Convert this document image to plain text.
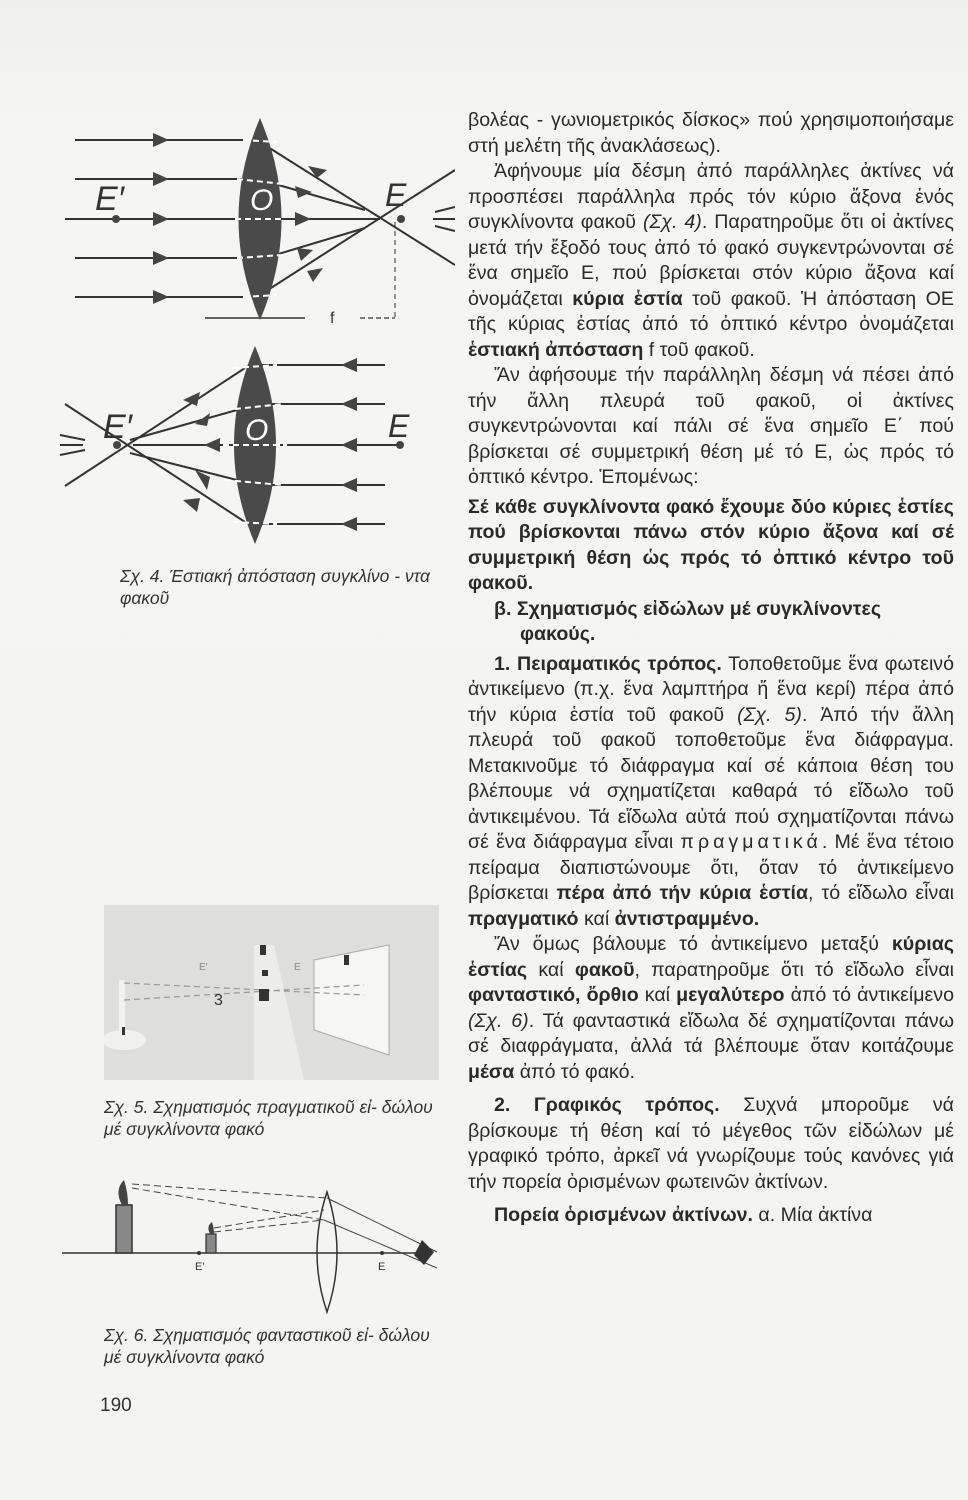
E′	O	E
f
E′	O	E
Σχ. 4. Έστιακή ἀπόσταση συγκλίνο - ντα φακοῦ
3
E′	E
Σχ. 5. Σχηματισμός πραγματικοῦ εἰ- δώλου μέ συγκλίνοντα φακό
E'	E
Σχ. 6. Σχηματισμός φανταστικοῦ εἰ- δώλου μέ συγκλίνοντα φακό
190

βολέας - γωνιομετρικός δίσκος» πού χρησιμοποιήσαμε στή μελέτη τῆς ἀνακλάσεως).

Ἀφήνουμε μία δέσμη ἀπό παράλληλες ἀκτίνες νά προσπέσει παράλληλα πρός τόν κύριο ἄξονα ἑνός συγκλίνοντα φακοῦ (Σχ. 4). Παρατηροῦμε ὅτι οἱ ἀκτίνες μετά τήν ἔξοδό τους ἀπό τό φακό συγκεντρώνονται σέ ἕνα σημεῖο Ε, πού βρίσκεται στόν κύριο ἄξονα καί ὀνομάζεται κύρια ἑστία τοῦ φακοῦ. Ἡ ἀπόσταση ΟΕ τῆς κύριας ἑστίας ἀπό τό ὀπτικό κέντρο ὀνομάζεται ἑστιακή ἀπόσταση f τοῦ φακοῦ.

Ἄν ἀφήσουμε τήν παράλληλη δέσμη νά πέσει ἀπό τήν ἄλλη πλευρά τοῦ φακοῦ, οἱ ἀκτίνες συγκεντρώνονται καί πάλι σέ ἕνα σημεῖο Ε΄ πού βρίσκεται σέ συμμετρική θέση μέ τό Ε, ὡς πρός τό ὀπτικό κέντρο. Ἑπομένως:

Σέ κάθε συγκλίνοντα φακό ἔχουμε δύο κύριες ἑστίες πού βρίσκονται πάνω στόν κύριο ἄξονα καί σέ συμμετρική θέση ὡς πρός τό ὀπτικό κέντρο τοῦ φακοῦ.

β. Σχηματισμός εἰδώλων μέ συγκλίνοντες
φακούς.

1. Πειραματικός τρόπος. Τοποθετοῦμε ἕνα φωτεινό ἀντικείμενο (π.χ. ἕνα λαμπτήρα ἤ ἕνα κερί) πέρα ἀπό τήν κύρια ἑστία τοῦ φακοῦ (Σχ. 5). Ἀπό τήν ἄλλη πλευρά τοῦ φακοῦ τοποθετοῦμε ἕνα διάφραγμα. Μετακινοῦμε τό διάφραγμα καί σέ κάποια θέση του βλέπουμε νά σχηματίζεται καθαρά τό εἴδωλο τοῦ ἀντικειμένου. Τά εἴδωλα αὐτά πού σχηματίζονται πάνω σέ ἕνα διάφραγμα εἶναι πραγματικά. Μέ ἕνα τέτοιο πείραμα διαπιστώνουμε ὅτι, ὅταν τό ἀντικείμενο βρίσκεται πέρα ἀπό τήν κύρια ἑστία, τό εἴδωλο εἶναι πραγματικό καί ἀντιστραμμένο.

Ἄν ὅμως βάλουμε τό ἀντικείμενο μεταξύ κύριας ἑστίας καί φακοῦ, παρατηροῦμε ὅτι τό εἴδωλο εἶναι φανταστικό, ὄρθιο καί μεγαλύτερο ἀπό τό ἀντικείμενο (Σχ. 6). Τά φανταστικά εἴδωλα δέ σχηματίζονται πάνω σέ διαφράγματα, ἀλλά τά βλέπουμε ὅταν κοιτάζουμε μέσα ἀπό τό φακό.

2. Γραφικός τρόπος. Συχνά μποροῦμε νά βρίσκουμε τή θέση καί τό μέγεθος τῶν εἰδώλων μέ γραφικό τρόπο, ἀρκεῖ νά γνωρίζουμε τούς κανόνες γιά τήν πορεία ὁρισμένων φωτεινῶν ἀκτίνων.

Πορεία ὁρισμένων ἀκτίνων. α. Μία ἀκτίνα
